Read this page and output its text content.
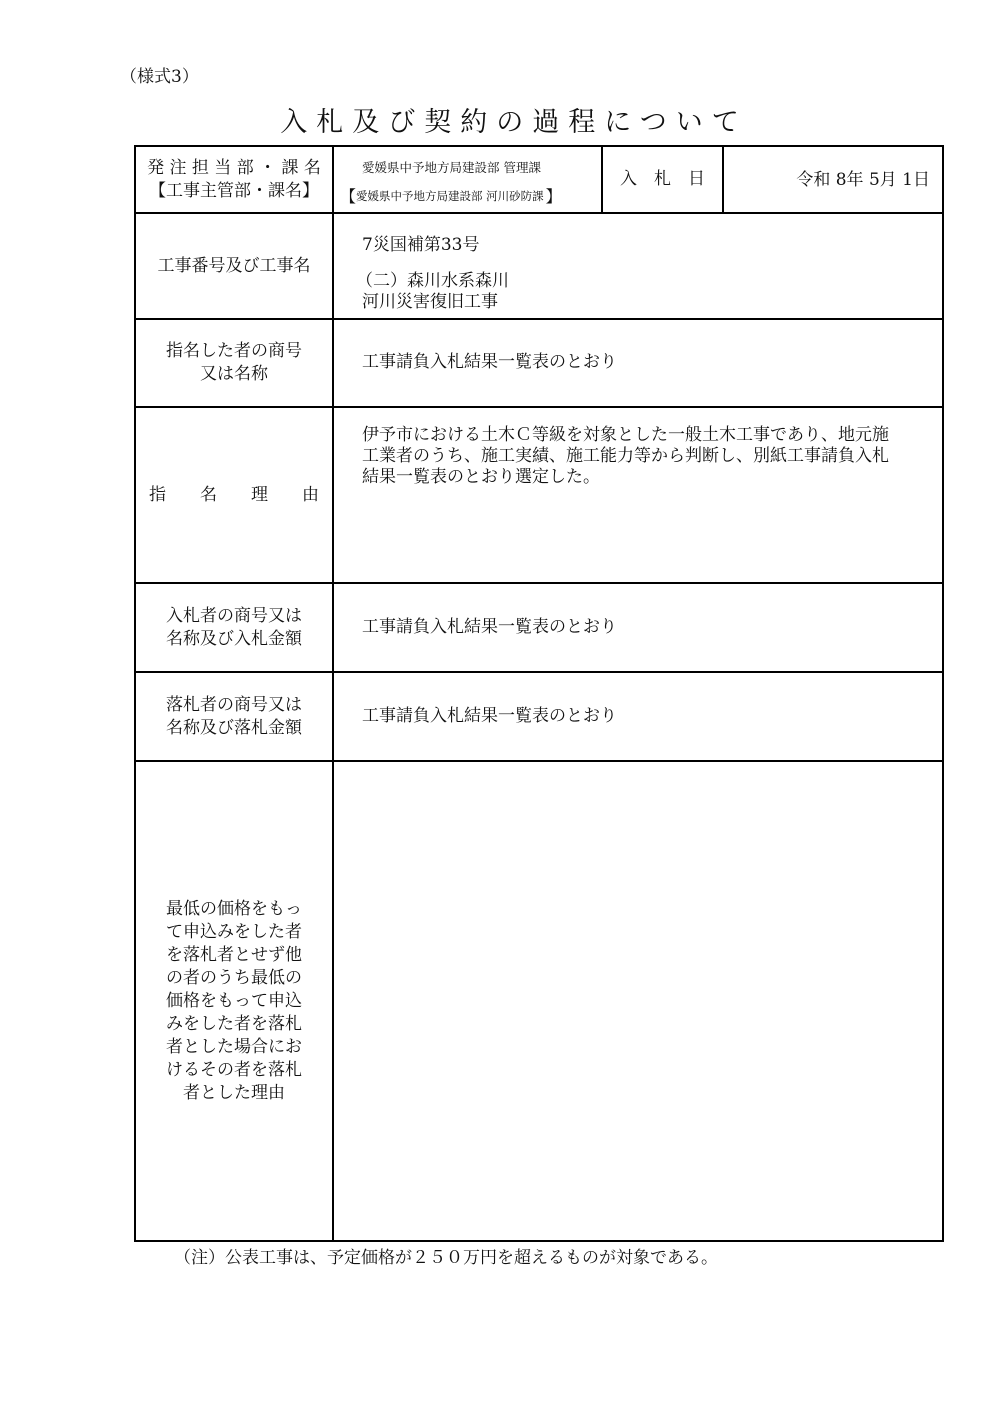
（様式3）
入札及び契約の過程について
発 注 担 当 部 ・ 課 名
【工事主管部・課名】
愛媛県中予地方局建設部 管理課
【 愛媛県中予地方局建設部 河川砂防課 】
入　札　日	令和 8年 5月 1日
工事番号及び工事名
7災国補第33号
（二）森川水系森川
河川災害復旧工事
指名した者の商号
又は名称
工事請負入札結果一覧表のとおり
指　　名　　理　　由
伊予市における土木Ｃ等級を対象とした一般土木工事であり、地元施
工業者のうち、施工実績、施工能力等から判断し、別紙工事請負入札
結果一覧表のとおり選定した。
入札者の商号又は
名称及び入札金額
工事請負入札結果一覧表のとおり
落札者の商号又は
名称及び落札金額
工事請負入札結果一覧表のとおり
最低の価格をもっ
て申込みをした者
を落札者とせず他
の者のうち最低の
価格をもって申込
みをした者を落札
者とした場合にお
けるその者を落札
者とした理由
（注）公表工事は、予定価格が２５０万円を超えるものが対象である。
